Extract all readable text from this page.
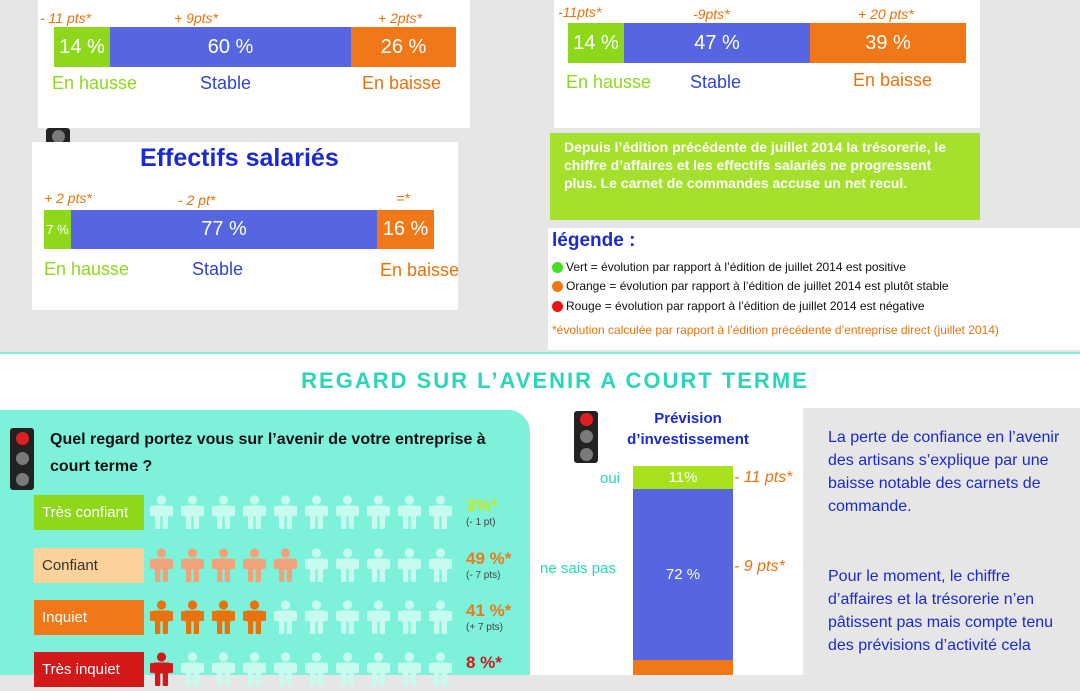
- 11 pts*	+ 9pts*	+ 2pts*
14 %	60 %	26 %
En hausse	Stable	En baisse
-11pts*	-9pts*	+ 20 pts*
14 %	47 %	39 %
En hausse Stable	En baisse
Effectifs salariés
+ 2 pts*	- 2 pt*	=*
7 %	77 %	16 %
En hausse	Stable	En baisse
Depuis l’édition précédente de juillet 2014 la trésorerie, le chiffre d’affaires et les effectifs salariés ne progressent plus. Le carnet de commandes accuse un net recul.
légende :
Vert = évolution par rapport à l’édition de juillet 2014 est positive
Orange = évolution par rapport à l’édition de juillet 2014 est plutôt stable
Rouge = évolution par rapport à l’édition de juillet 2014 est négative
*évolution calculée par rapport à l’édition précédente d’entreprise direct (juillet 2014)
REGARD SUR L’AVENIR A COURT TERME
Quel regard portez vous sur l’avenir de votre entreprise à court terme ?
Très confiant	3%*
(- 1 pt)
Confiant	49 %*
(- 7 pts)
Inquiet	41 %*
(+ 7 pts)
Très inquiet	8 %*
Prévision d’investissement
11%
72 %
oui
ne sais pas
- 11 pts*
- 9 pts*
La perte de confiance en l’avenir des artisans s’explique par une baisse notable des carnets de commande.
Pour le moment, le chiffre d’affaires et la trésorerie n’en pâtissent pas mais compte tenu des prévisions d’activité cela
